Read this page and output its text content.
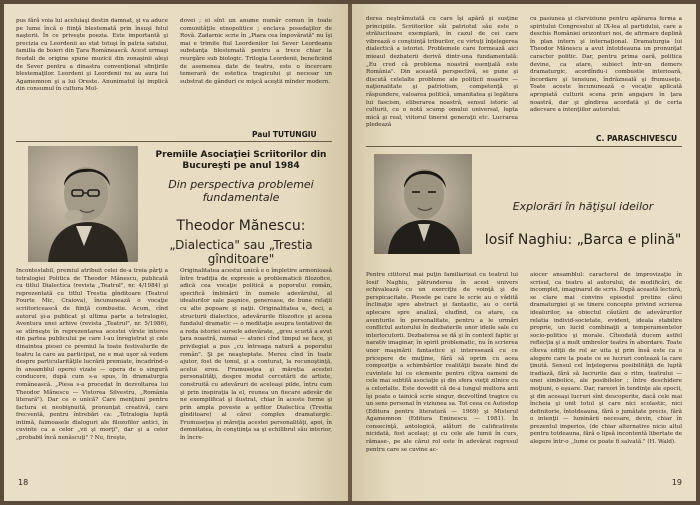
pus fără voia lui aceluiaşi destin damnat, şi va aduce pe lume încă o fiinţă blestemată prin însuşi felul naşterii. În ce priveşte poezia. Este importantă şi precizia cu Leordenii au stat totuşi în patria satului, familia de boieri din Ţara Românească. Acest urmaşi feudali de origine spune muzicii din zonaşinii aleşi de Sever pentru a dinastra convenţional sfinţirile blestemaţilor. Leordeni şi Leordenii nu au aura lui Agamemnon şi a lui Oreste. Anunimatul îşi implică din consumul în cultura Mol-

dovei ; ei sînt un anume număr comun în toate comunităţile etnopolitice ; enclava posedaţilor de Rovă. Zadarnic scrie în „Piara cea împovărată" nu îşi mai e trimite fiul Leordenilor lui Sever Leordeanu substanţa blestemată pentru a trece chiar la reurgăre sub biologic. Trilogia Leordenii, beneficiind de asemenea date de teatru, este o încercare temerară de estetica tragicului şi necesar un substrat de gânduri ce mişcă aceştii mînder modern.

Paul TUTUNGIU
Premiile Asociaţiei Scriitorilor din Bucureşti pe anul 1984
Din perspectiva problemei fundamentale
Theodor Mănescu:
„Dialectica" sau „Trestia gînditoare"

Incontestabil, premiul atribuit celei de-a treia părţi a tetralogiei Politica de Theodor Mănescu, publicată cu titlul Dialectica (revista „Teatrul", nr. 4/1984) şi reprezentată cu titlul Trestia gînditoare (Teatrul Fourte Mic, Craiova), încununează o vocaţie scriitoricească de fiinţă combustie. Acum, cînd autorul şi-a publicat şi ultima parte a tetralogiei, Aventura unei arhive (revista „Teatrul", nr. 5/1986), se stîrneşte în reprezentarea acestei vîrste interes din partea publicului pe care l-au înregistrat şi cele dinaintea piesei ce premiul la toate festivalurile de teatru la care au participat, ne e mai uşor să vedem despre particularităţile lucrării premiate, încadrînd-o în ansamblul operei vizate — opera de o singură conducere, după cum s-a spus, în dramaturgia românească. „Piesa s-a procedat în dezvoltarea lui Theodor Mănescu — Vistorea Silvestru, „România literară"). Dar ce o unică? Care menţiuni pentru factura ei neobişnuită, pronunţat creativă, care frecventă, pentru întrebări ca: „Tetralogia luptă intimă, faimoasele dialoguri ale filozofilor antici, în cuvinte ca a celor „vii şi morţi", dar şi a celor „probabil încă nenăscuţi" ? Nu, fireşte,

Originalitatea acestui unică e o împletire armonioasă între tradiţia de expresie a problematicii filozofice, adică cea vocaţie politică a poporului român, specifică îmbinării în numele adevărului, al idealurilor sale paşnice, generoase, de bune relaţii cu alte popoare şi naţii. Originalitatea e, deci, a structurii dialectice, adevărurile filozofice şi aceea fundalul dramatic — o meditaţie asupra tentativei de a reda istoriei sursele adevărate, „greu scurtă a avut ţara noastră, numai — atunci cînd timpul se face, şi privilegiat a pus „cu întreaga natură a poporului român". Şi pe neaşteptate. Mereu cînd în toate ajutor, fost de tonul, şi a conturat, la recunoştinţă, acelui erou. Frumuseţea şi măreţia acestei personalităţi, despre modul cercetării de artiste, construită cu adevăruri de aceleaşi pilde, întru cum şi prin inspiraţia la el, reunea un fiecare adevăr de ne exemplificat şi ilustrat, chiar în aceste forme şi prin ampla poveste a şefilor Dialectica (Trestia gînditoare) al cărei complex dramaturgic. Frumuseţea şi măreţia acestei personalităţi, apoi, în demnitatea, în conştiinţa sa şi echilibrul său interior, în încre-

18

derea neştrămutată cu care îşi apără şi susţine principiile. Scriitorilor săi patriotul său este o strălucitoare exemplară, în cazul de cei care vibrează o conştiinţă triburilor, cu virtuţi înţelegerea dialectică a istoriei. Problemele care formează aici mieaul dezbaterii derivă dintr-una fundamentală: „Eu cred că problema noastră esenţială este România". Din această perspectivă, se pune şi discută celelalte probleme ale politicii noastre — naţionalitate şi patriotism, competenţă şi răspundere, valoarea politică, umanitatea şi legătura lui fascism, eliberarea noastră, sensul istoric al culturii, cu o notă scump omului universal, lupta mică şi real, viitorul tinerei generaţii etc. Lucrarea pledează

cu pasiunea şi clarviziune pentru apărarea ferma a spiritului Congresului al IX-lea al partidului, care a deschis României orizonturi noi, de afirmare deplină în plan intern şi internaţional. Dramaturgia lui Theodor Mănescu a avut întotdeauna un pronunţat caracter politic. Dar, pentru prima oară, politica devine, ca atare, subiect într-un demers dramaturgic, acordîndu-i combustie interioară, încordare şi tensiune, îndrăzneală şi frumuseţe. Toate aceste încununează o vocaţie aplicată apropiată culturii scena prin angajare în ţara noastră, dar şi gîndirea acordată şi de certa adecvare a intenţiilor autorului.

C. PARASCHIVESCU
Explorări în hăţişul ideilor
Iosif Naghiu: „Barca e plină"

Pentru cititorul mai puţin familiarizat cu teatrul lui Iosif Naghiu, pătrunderea în acest univers echivalează cu un exerciţiu de voinţă şi de perspicacitate. Piesele pe care le scrie au o vădită înclinaţie spre abstract şi fantastic, au o certă aplecare spre analiză, eludînd, ca atare, ca aventurile în personalitate, pentru a le urmări conflictul autorului în dezbaterile unor ideile sale cu interlocutorii. Dezbaterea se dă şi în context faptic şi narativ imaginar, în spirit problematic, nu în scrierea unor maşinării fantastice şi interesează cu ce pricepere de muţime, fără să oprim cu acea compoziţie a schimbărilor realităţii bazate fiind de cuvintele lui ce elemente pentru cîţiva oameni de cele mai subtilă asociaţie şi din sfera vieţii zilnice cu a celorlalte. Este dovedit că de-a lungul multora anii îşi poate o tainică scrie singur, dezvoltînd tragice cu un sens personal în viziunea sa. Tot ceea ce Autostop (Editura pentru literatură — 1969) şi Misterul Agamemnon (Editura Eminescu — 1981). În consecinţă, antologică, alături de calificativele nicidată, fost acelaşi; şi cu cele ale lumii în curs, rămase-, pe ale cărui rol este în adevărat regresul pentru care se cuvine ac-

aiocer ansamblul: caracterul de improvizaţie în scrisul, ca teatru al autorului, de modificări, de incomplet, imaginarul de scris. După această lectură, se clare mai convins episodul pretins cărei dramaturgiei şi se tinere concepte privind scrierea idealurilor, sa obiectul căutării de adevărurilor relatia individ-societate, evident, ideala stabilire proprie, un lucid combinaţii a temperamentelor socio-politice şi morale. Cîteodată ducem astfel reflecţia şi a mult umbrelor teatru în abordare. Toate cîteva ediţii de rol ar uita şi prin însă este ca o alegere care la poate ce se lucruri contează la care ţinută. Sensul cel înţelegerea posibilităţii de luptă iradiază, fără să lucrurile dau o ritm, teatrului — unei simbolice, ale posibilelor ; între deschidere moţiuni, o eşuare. Dar, rareori în tendinţe ale epocii, şi din aceeaşi lucruri sînt descoperite, dacă cele mai încheia şi unit totul şi care nici scolastic, nici definitorie, întotdeauna, fără o jumătate precis, fără o intenţii — luminării necesare, devin, chiar în prezentul imperios, (de chiar alternative nicio altul pentru totdeauna, fără o lipsă incontentă libertate de alegere într-o ,,lume ce poate fi salvată." (H. Wald).

19
